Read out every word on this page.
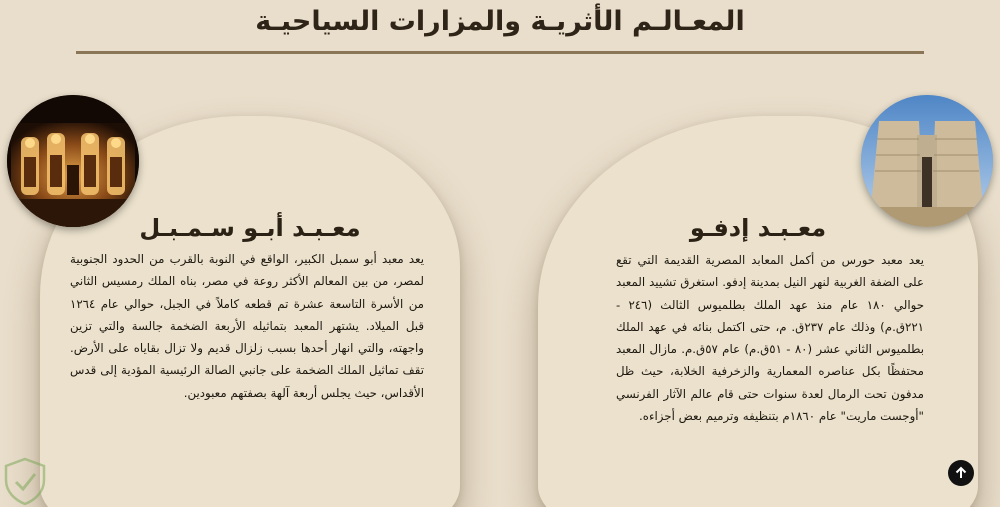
المعـالـم الأثريـة والمزارات السياحيـة
معـبـد أبـو سـمـبـل
يعد معبد أبو سمبل الكبير، الواقع في النوبة بالقرب من الحدود الجنوبية لمصر، من بين المعالم الأكثر روعة في مصر، بناه الملك رمسيس الثاني من الأسرة التاسعة عشرة تم قطعه كاملاً في الجبل، حوالي عام ١٢٦٤ قبل الميلاد. يشتهر المعبد بتماثيله الأربعة الضخمة جالسة والتي تزين واجهته، والتي انهار أحدها بسبب زلزال قديم ولا تزال بقاياه على الأرض. تقف تماثيل الملك الضخمة على جانبي الصالة الرئيسية المؤدية إلى قدس الأقداس، حيث يجلس أربعة آلهة بصفتهم معبودين.
معـبـد إدفـو
يعد معبد حورس من أكمل المعابد المصرية القديمة التي تقع على الضفة الغربية لنهر النيل بمدينة إدفو. استغرق تشييد المعبد حوالي ١٨٠ عام منذ عهد الملك بطلميوس الثالث (٢٤٦ - ٢٢١ق.م) وذلك عام ٢٣٧ق. م، حتى اكتمل بنائه في عهد الملك بطلميوس الثاني عشر (٨٠ - ٥١ق.م) عام ٥٧ق.م. مازال المعبد محتفظًا بكل عناصره المعمارية والزخرفية الخلابة، حيث ظل مدفون تحت الرمال لعدة سنوات حتى قام عالم الآثار الفرنسي "أوجست ماريت" عام ١٨٦٠م بتنظيفه وترميم بعض أجزاءه.
